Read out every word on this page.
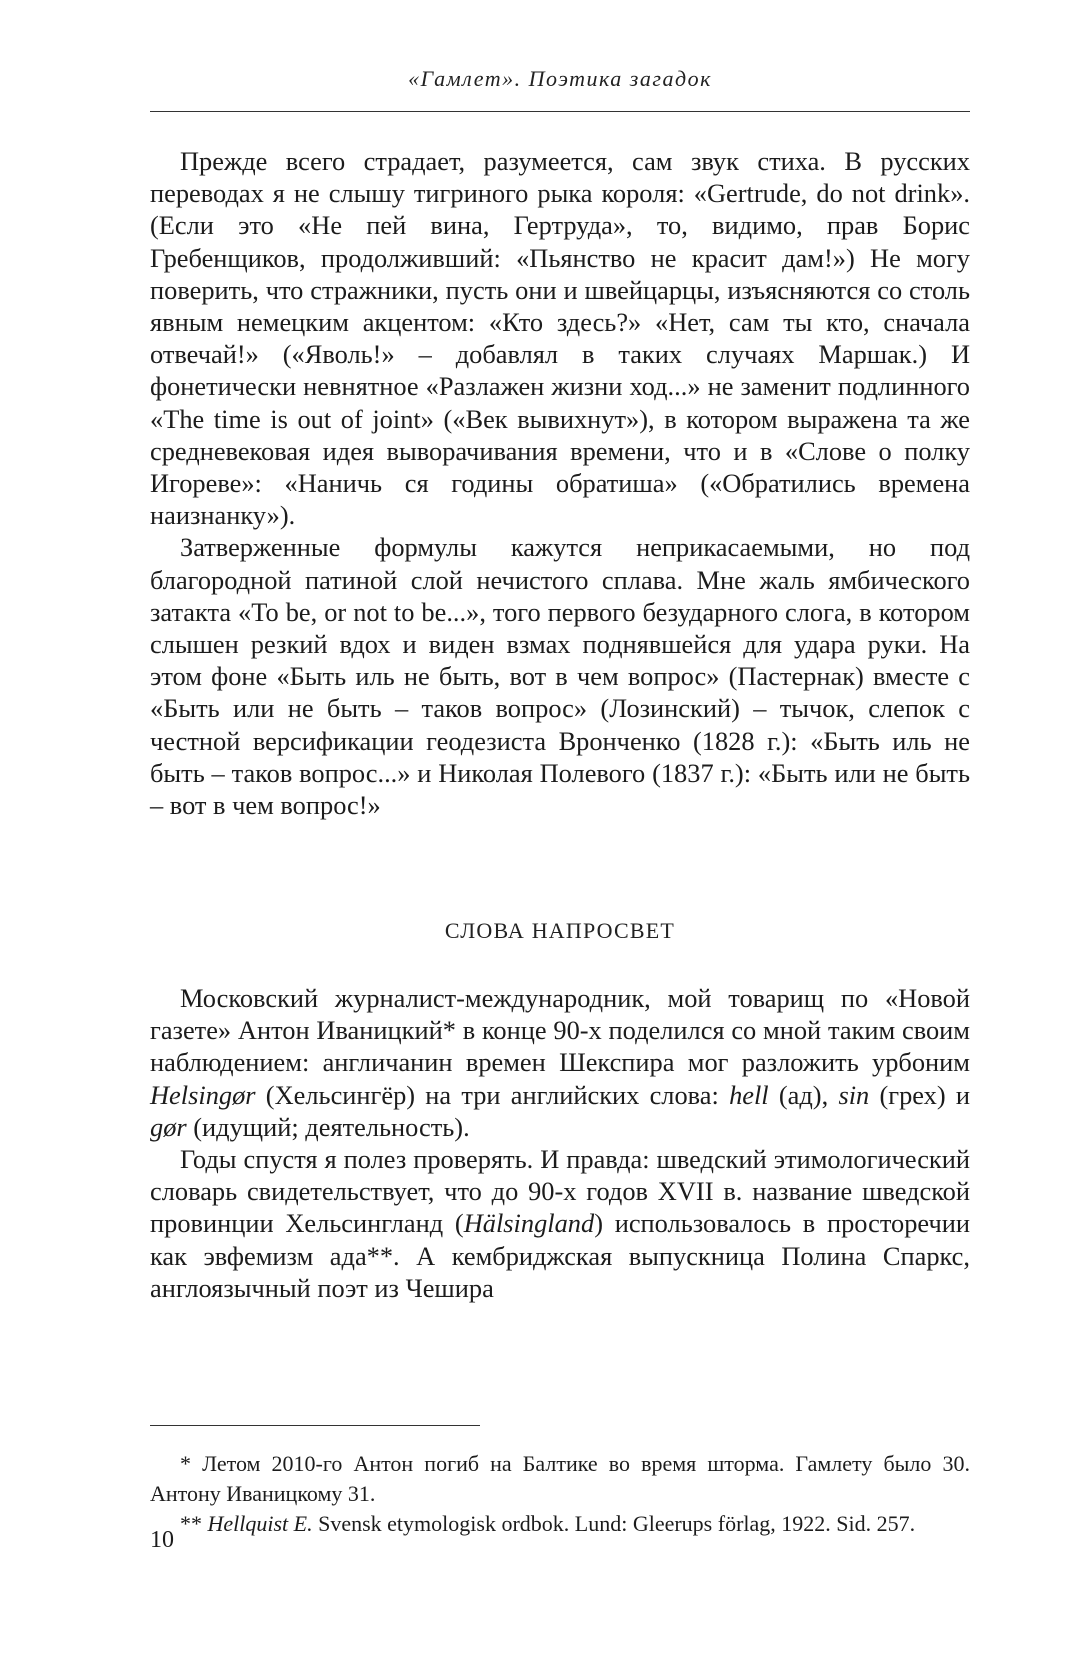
«Гамлет». Поэтика загадок

Прежде всего страдает, разумеется, сам звук стиха. В русских переводах я не слышу тигриного рыка короля: «Gertrude, do not drink». (Если это «Не пей вина, Гертруда», то, видимо, прав Борис Гребенщиков, продолживший: «Пьянство не красит дам!») Не могу поверить, что стражники, пусть они и швейцарцы, изъясняются со столь явным немецким акцентом: «Кто здесь?» «Нет, сам ты кто, сначала отвечай!» («Яволь!» – добавлял в таких случаях Маршак.) И фонетически невнятное «Разлажен жизни ход...» не заменит подлинного «The time is out of joint» («Век вывихнут»), в котором выражена та же средневековая идея выворачивания времени, что и в «Слове о полку Игореве»: «Наничь ся годины обратиша» («Обратились времена наизнанку»).

Затверженные формулы кажутся неприкасаемыми, но под благородной патиной слой нечистого сплава. Мне жаль ямбического затакта «To be, or not to be...», того первого безударного слога, в котором слышен резкий вдох и виден взмах поднявшейся для удара руки. На этом фоне «Быть иль не быть, вот в чем вопрос» (Пастернак) вместе с «Быть или не быть – таков вопрос» (Лозинский) – тычок, слепок с честной версификации геодезиста Вронченко (1828 г.): «Быть иль не быть – таков вопрос...» и Николая Полевого (1837 г.): «Быть или не быть – вот в чем вопрос!»

СЛОВА НАПРОСВЕТ

Московский журналист-международник, мой товарищ по «Новой газете» Антон Иваницкий* в конце 90-х поделился со мной таким своим наблюдением: англичанин времен Шекспира мог разложить урбоним Helsingør (Хельсингёр) на три английских слова: hell (ад), sin (грех) и gør (идущий; деятельность).

Годы спустя я полез проверять. И правда: шведский этимологический словарь свидетельствует, что до 90-х годов XVII в. название шведской провинции Хельсингланд (Hälsingland) использовалось в просторечии как эвфемизм ада**. А кембриджская выпускница Полина Спаркс, англоязычный поэт из Чешира

* Летом 2010-го Антон погиб на Балтике во время шторма. Гамлету было 30. Антону Иваницкому 31.

** Hellquist E. Svensk etymologisk ordbok. Lund: Gleerups förlag, 1922. Sid. 257.

10
